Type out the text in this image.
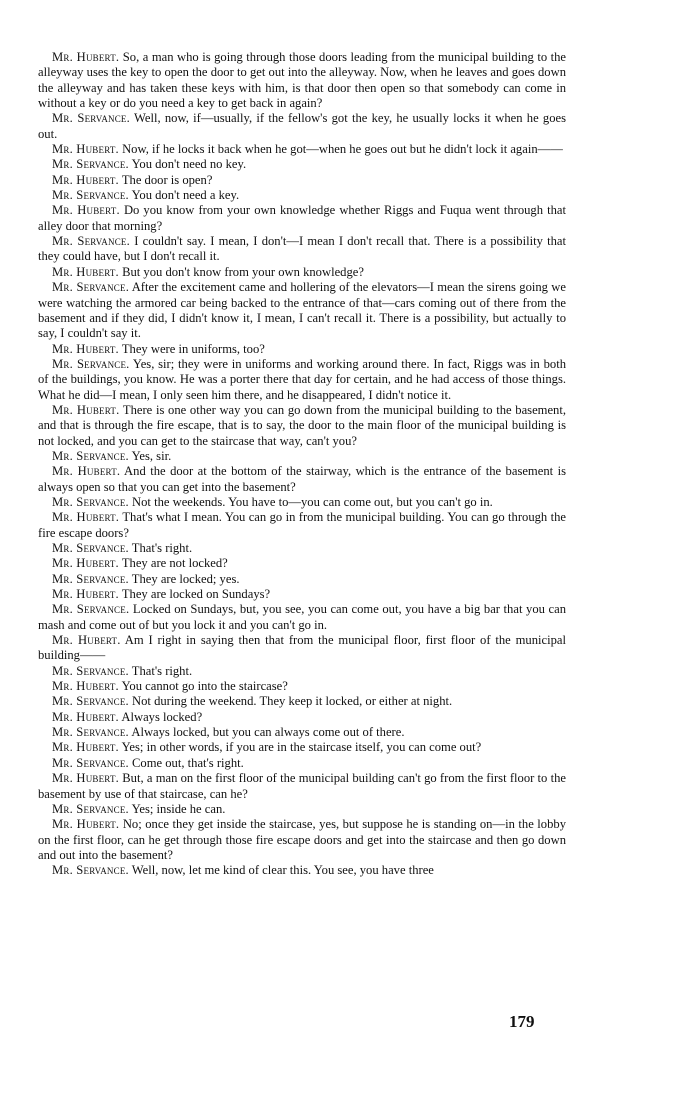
Mr. Hubert. So, a man who is going through those doors leading from the municipal building to the alleyway uses the key to open the door to get out into the alleyway. Now, when he leaves and goes down the alleyway and has taken these keys with him, is that door then open so that somebody can come in without a key or do you need a key to get back in again?

Mr. Servance. Well, now, if—usually, if the fellow's got the key, he usually locks it when he goes out.

Mr. Hubert. Now, if he locks it back when he got—when he goes out but he didn't lock it again——

Mr. Servance. You don't need no key.

Mr. Hubert. The door is open?

Mr. Servance. You don't need a key.

Mr. Hubert. Do you know from your own knowledge whether Riggs and Fuqua went through that alley door that morning?

Mr. Servance. I couldn't say. I mean, I don't—I mean I don't recall that. There is a possibility that they could have, but I don't recall it.

Mr. Hubert. But you don't know from your own knowledge?

Mr. Servance. After the excitement came and hollering of the elevators—I mean the sirens going we were watching the armored car being backed to the entrance of that—cars coming out of there from the basement and if they did, I didn't know it, I mean, I can't recall it. There is a possibility, but actually to say, I couldn't say it.

Mr. Hubert. They were in uniforms, too?

Mr. Servance. Yes, sir; they were in uniforms and working around there. In fact, Riggs was in both of the buildings, you know. He was a porter there that day for certain, and he had access of those things. What he did—I mean, I only seen him there, and he disappeared, I didn't notice it.

Mr. Hubert. There is one other way you can go down from the municipal building to the basement, and that is through the fire escape, that is to say, the door to the main floor of the municipal building is not locked, and you can get to the staircase that way, can't you?

Mr. Servance. Yes, sir.

Mr. Hubert. And the door at the bottom of the stairway, which is the entrance of the basement is always open so that you can get into the basement?

Mr. Servance. Not the weekends. You have to—you can come out, but you can't go in.

Mr. Hubert. That's what I mean. You can go in from the municipal building. You can go through the fire escape doors?

Mr. Servance. That's right.

Mr. Hubert. They are not locked?

Mr. Servance. They are locked; yes.

Mr. Hubert. They are locked on Sundays?

Mr. Servance. Locked on Sundays, but, you see, you can come out, you have a big bar that you can mash and come out of but you lock it and you can't go in.

Mr. Hubert. Am I right in saying then that from the municipal floor, first floor of the municipal building——

Mr. Servance. That's right.

Mr. Hubert. You cannot go into the staircase?

Mr. Servance. Not during the weekend. They keep it locked, or either at night.

Mr. Hubert. Always locked?

Mr. Servance. Always locked, but you can always come out of there.

Mr. Hubert. Yes; in other words, if you are in the staircase itself, you can come out?

Mr. Servance. Come out, that's right.

Mr. Hubert. But, a man on the first floor of the municipal building can't go from the first floor to the basement by use of that staircase, can he?

Mr. Servance. Yes; inside he can.

Mr. Hubert. No; once they get inside the staircase, yes, but suppose he is standing on—in the lobby on the first floor, can he get through those fire escape doors and get into the staircase and then go down and out into the basement?

Mr. Servance. Well, now, let me kind of clear this. You see, you have three

179
